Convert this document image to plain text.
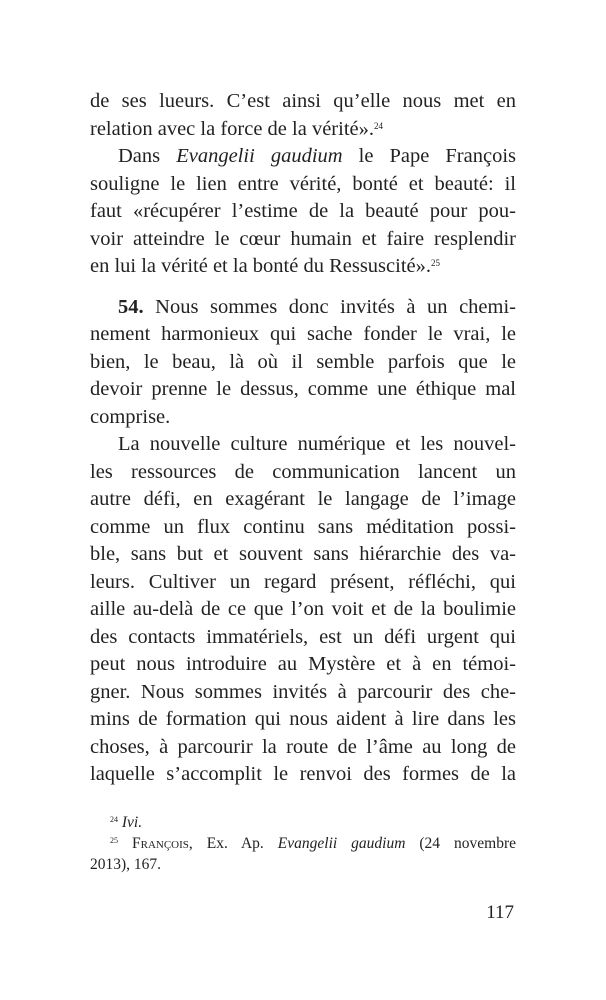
de ses lueurs. C’est ainsi qu’elle nous met en
relation avec la force de la vérité».$^{24}$
Dans Evangelii gaudium le Pape François
souligne le lien entre vérité, bonté et beauté: il
faut «récupérer l’estime de la beauté pour pou-
voir atteindre le cœur humain et faire resplendir
en lui la vérité et la bonté du Ressuscité».$^{25}$
54. Nous sommes donc invités à un chemi-
nement harmonieux qui sache fonder le vrai, le
bien, le beau, là où il semble parfois que le
devoir prenne le dessus, comme une éthique mal
comprise.
La nouvelle culture numérique et les nouvel-
les ressources de communication lancent un
autre défi, en exagérant le langage de l’image
comme un flux continu sans méditation possi-
ble, sans but et souvent sans hiérarchie des va-
leurs. Cultiver un regard présent, réfléchi, qui
aille au-delà de ce que l’on voit et de la boulimie
des contacts immatériels, est un défi urgent qui
peut nous introduire au Mystère et à en témoi-
gner. Nous sommes invités à parcourir des che-
mins de formation qui nous aident à lire dans les
choses, à parcourir la route de l’âme au long de
laquelle s’accomplit le renvoi des formes de la
$^{24}$ Ivi.
$^{25}$ François, Ex. Ap. Evangelii gaudium (24 novembre
2013), 167.
117
